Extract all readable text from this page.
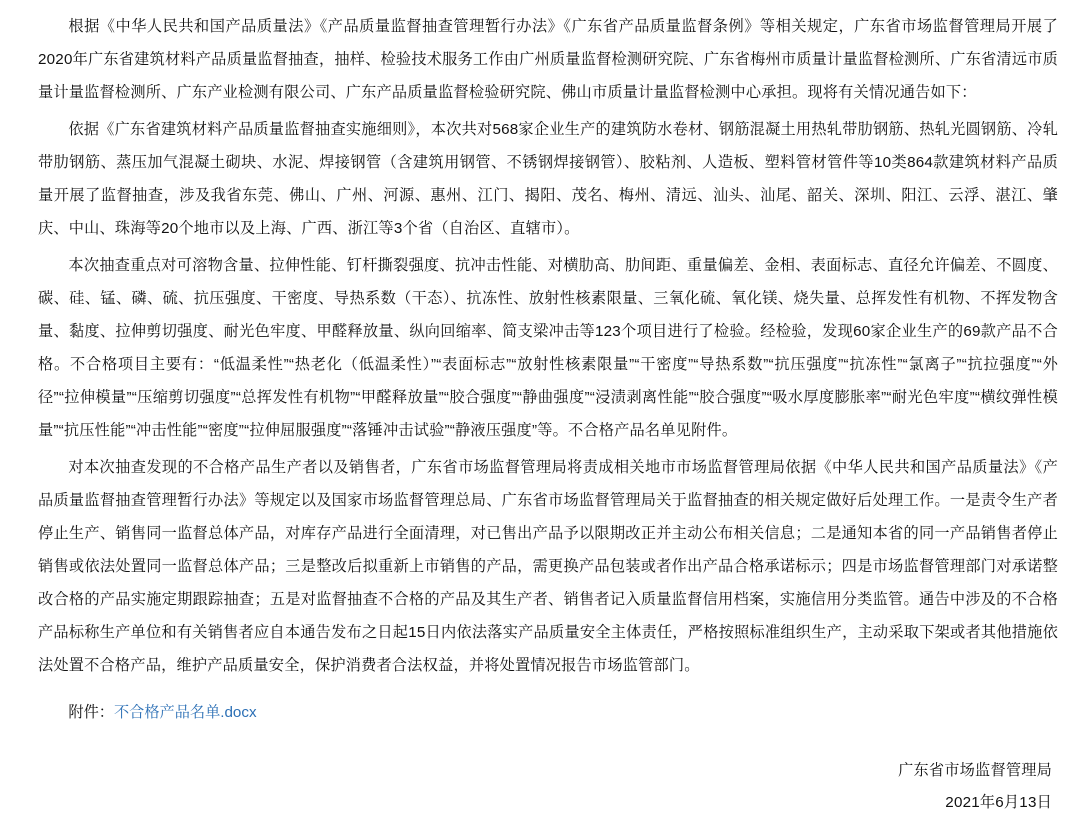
根据《中华人民共和国产品质量法》《产品质量监督抽查管理暂行办法》《广东省产品质量监督条例》等相关规定，广东省市场监督管理局开展了2020年广东省建筑材料产品质量监督抽查，抽样、检验技术服务工作由广州质量监督检测研究院、广东省梅州市质量计量监督检测所、广东省清远市质量计量监督检测所、广东产业检测有限公司、广东产品质量监督检验研究院、佛山市质量计量监督检测中心承担。现将有关情况通告如下：

依据《广东省建筑材料产品质量监督抽查实施细则》，本次共对568家企业生产的建筑防水卷材、钢筋混凝土用热轧带肋钢筋、热轧光圆钢筋、冷轧带肋钢筋、蒸压加气混凝土砌块、水泥、焊接钢管（含建筑用钢管、不锈钢焊接钢管）、胶粘剂、人造板、塑料管材管件等10类864款建筑材料产品质量开展了监督抽查，涉及我省东莞、佛山、广州、河源、惠州、江门、揭阳、茂名、梅州、清远、汕头、汕尾、韶关、深圳、阳江、云浮、湛江、肇庆、中山、珠海等20个地市以及上海、广西、浙江等3个省（自治区、直辖市）。

本次抽查重点对可溶物含量、拉伸性能、钉杆撕裂强度、抗冲击性能、对横肋高、肋间距、重量偏差、金相、表面标志、直径允许偏差、不圆度、碳、硅、锰、磷、硫、抗压强度、干密度、导热系数（干态）、抗冻性、放射性核素限量、三氧化硫、氧化镁、烧失量、总挥发性有机物、不挥发物含量、黏度、拉伸剪切强度、耐光色牢度、甲醛释放量、纵向回缩率、简支梁冲击等123个项目进行了检验。经检验，发现60家企业生产的69款产品不合格。不合格项目主要有：“低温柔性”“热老化（低温柔性）”“表面标志”“放射性核素限量”“干密度”“导热系数”“抗压强度”“抗冻性”“氯离子”“抗拉强度”“外径”“拉伸模量”“压缩剪切强度”“总挥发性有机物”“甲醛释放量”“胶合强度”“静曲强度”“浸渍剥离性能”“胶合强度”“吸水厚度膨胀率”“耐光色牢度”“横纹弹性模量”“抗压性能”“冲击性能”“密度”“拉伸屈服强度”“落锤冲击试验”“静液压强度”等。不合格产品名单见附件。

对本次抽查发现的不合格产品生产者以及销售者，广东省市场监督管理局将责成相关地市市场监督管理局依据《中华人民共和国产品质量法》《产品质量监督抽查管理暂行办法》等规定以及国家市场监督管理总局、广东省市场监督管理局关于监督抽查的相关规定做好后处理工作。一是责令生产者停止生产、销售同一监督总体产品，对库存产品进行全面清理，对已售出产品予以限期改正并主动公布相关信息；二是通知本省的同一产品销售者停止销售或依法处置同一监督总体产品；三是整改后拟重新上市销售的产品，需更换产品包装或者作出产品合格承诺标示；四是市场监督管理部门对承诺整改合格的产品实施定期跟踪抽查；五是对监督抽查不合格的产品及其生产者、销售者记入质量监督信用档案，实施信用分类监管。通告中涉及的不合格产品标称生产单位和有关销售者应自本通告发布之日起15日内依法落实产品质量安全主体责任，严格按照标准组织生产，主动采取下架或者其他措施依法处置不合格产品，维护产品质量安全，保护消费者合法权益，并将处置情况报告市场监管部门。

附件：不合格产品名单.docx

广东省市场监督管理局
2021年6月13日
